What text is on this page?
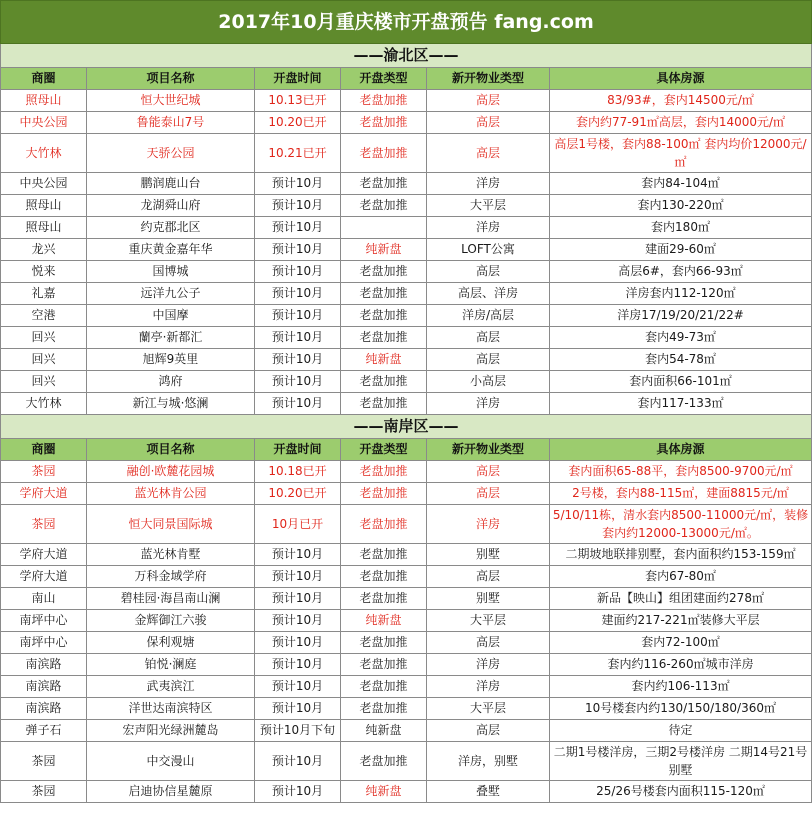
2017年10月重庆楼市开盘预告 fang.com					
——渝北区——					
商圈	项目名称	开盘时间	开盘类型	新开物业类型	具体房源
照母山	恒大世纪城	10.13已开	老盘加推	高层	83/93#，套内14500元/㎡
中央公园	鲁能泰山7号	10.20已开	老盘加推	高层	套内约77-91㎡高层，套内14000元/㎡
大竹林	天骄公园	10.21已开	老盘加推	高层	高层1号楼，套内88-100㎡ 套内均价12000元/㎡
中央公园	鹏润鹿山台	预计10月	老盘加推	洋房	套内84-104㎡
照母山	龙湖舜山府	预计10月	老盘加推	大平层	套内130-220㎡
照母山	约克郡北区	预计10月		洋房	套内180㎡
龙兴	重庆黄金嘉年华	预计10月	纯新盘	LOFT公寓	建面29-60㎡
悦来	国博城	预计10月	老盘加推	高层	高层6#，套内66-93㎡
礼嘉	远洋九公子	预计10月	老盘加推	高层、洋房	洋房套内112-120㎡
空港	中国摩	预计10月	老盘加推	洋房/高层	洋房17/19/20/21/22#
回兴	蘭亭·新都汇	预计10月	老盘加推	高层	套内49-73㎡
回兴	旭辉9英里	预计10月	纯新盘	高层	套内54-78㎡
回兴	鸿府	预计10月	老盘加推	小高层	套内面积66-101㎡
大竹林	新江与城·悠澜	预计10月	老盘加推	洋房	套内117-133㎡
——南岸区——					
商圈	项目名称	开盘时间	开盘类型	新开物业类型	具体房源
茶园	融创·欧麓花园城	10.18已开	老盘加推	高层	套内面积65-88平，套内8500-9700元/㎡
学府大道	蓝光林肯公园	10.20已开	老盘加推	高层	2号楼，套内88-115㎡，建面8815元/㎡
茶园	恒大同景国际城	10月已开	老盘加推	洋房	5/10/11栋，清水套内8500-11000元/㎡，装修套内约12000-13000元/㎡。
学府大道	蓝光林肯墅	预计10月	老盘加推	别墅	二期坡地联排别墅，套内面积约153-159㎡
学府大道	万科金域学府	预计10月	老盘加推	高层	套内67-80㎡
南山	碧桂园·海昌南山澜	预计10月	老盘加推	别墅	新品【映山】组团建面约278㎡
南坪中心	金辉御江六骏	预计10月	纯新盘	大平层	建面约217-221㎡装修大平层
南坪中心	保利观塘	预计10月	老盘加推	高层	套内72-100㎡
南滨路	铂悦·澜庭	预计10月	老盘加推	洋房	套内约116-260㎡城市洋房
南滨路	武夷滨江	预计10月	老盘加推	洋房	套内约106-113㎡
南滨路	洋世达南滨特区	预计10月	老盘加推	大平层	10号楼套内约130/150/180/360㎡
弹子石	宏声阳光绿洲麓岛	预计10月下旬	纯新盘	高层	待定
茶园	中交漫山	预计10月	老盘加推	洋房，别墅	二期1号楼洋房，三期2号楼洋房 二期14号21号别墅
茶园	启迪协信星麓原	预计10月	纯新盘	叠墅	25/26号楼套内面积115-120㎡
